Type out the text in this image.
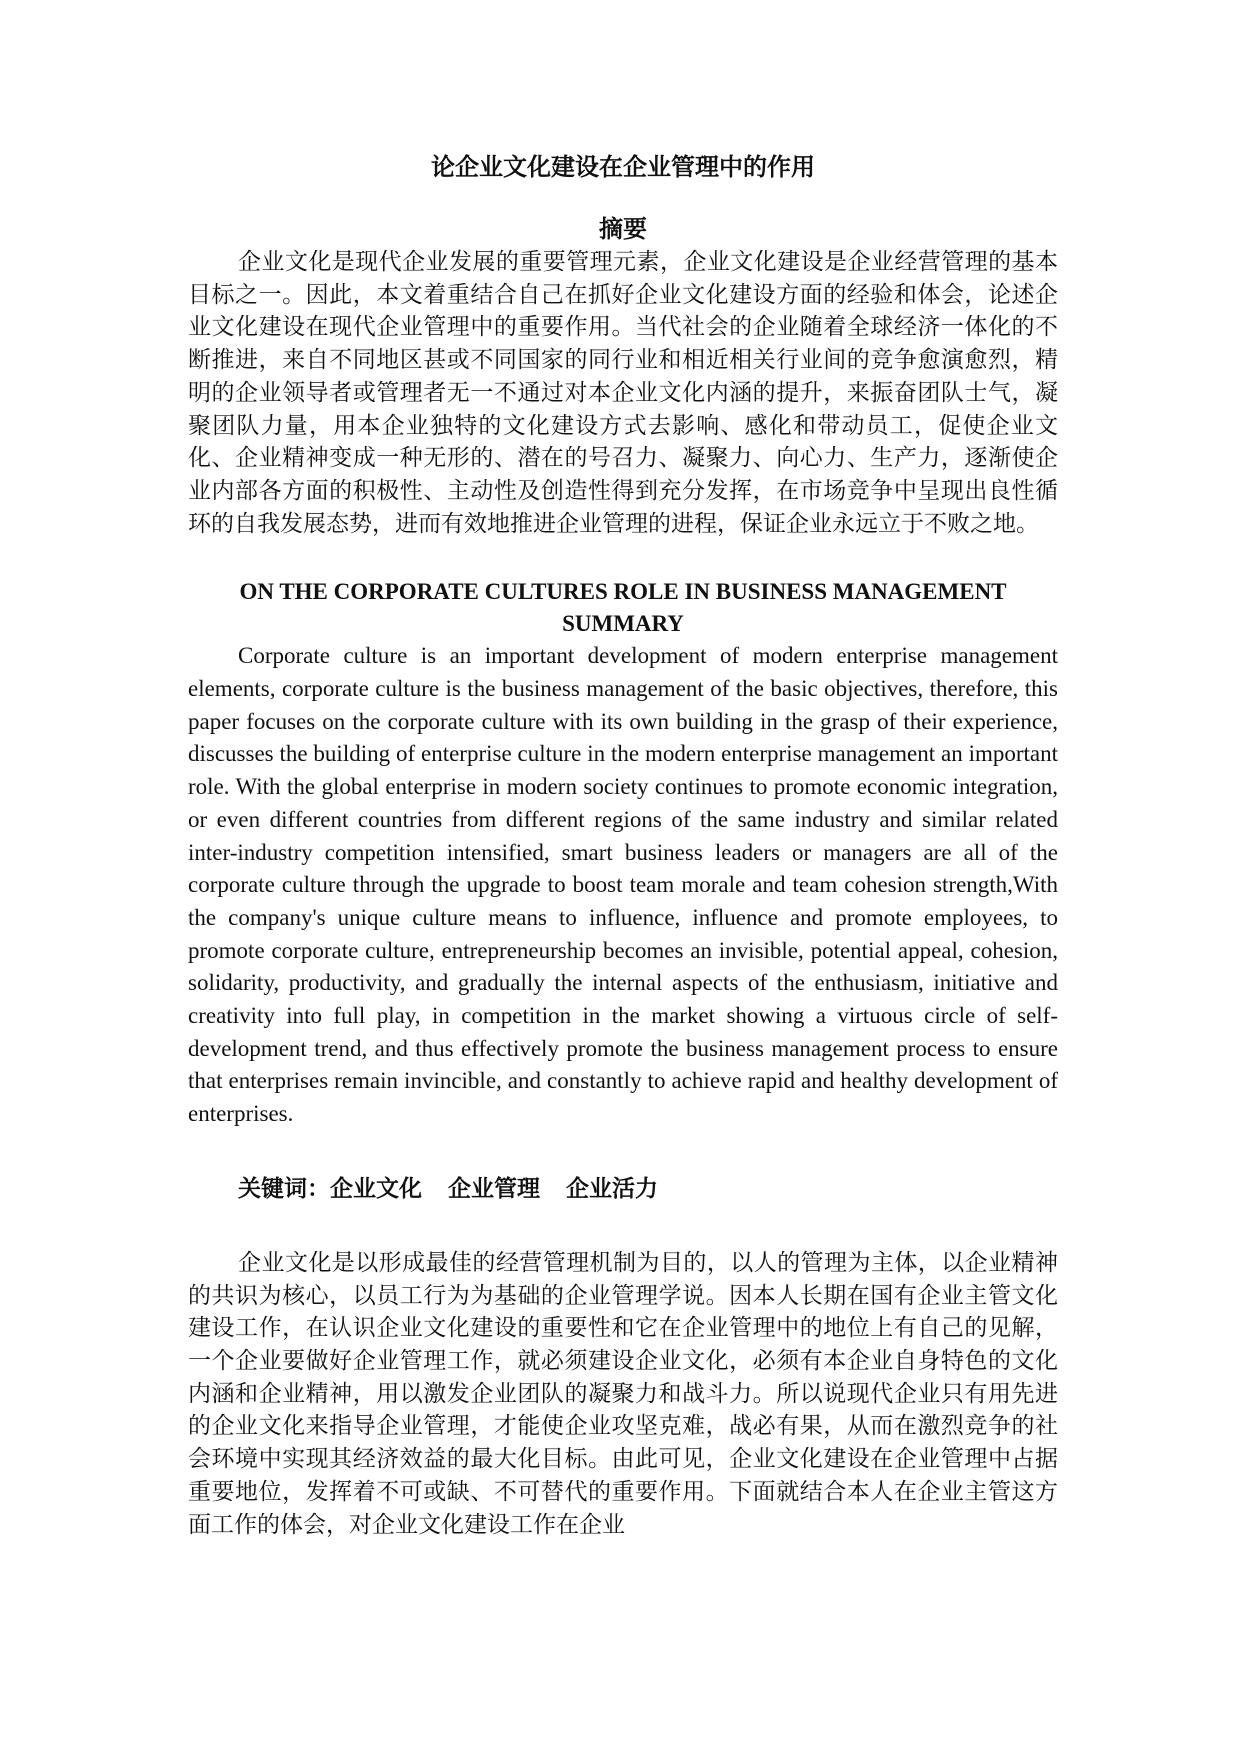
论企业文化建设在企业管理中的作用
摘要

企业文化是现代企业发展的重要管理元素，企业文化建设是企业经营管理的基本目标之一。因此，本文着重结合自己在抓好企业文化建设方面的经验和体会，论述企业文化建设在现代企业管理中的重要作用。当代社会的企业随着全球经济一体化的不断推进，来自不同地区甚或不同国家的同行业和相近相关行业间的竞争愈演愈烈，精明的企业领导者或管理者无一不通过对本企业文化内涵的提升，来振奋团队士气，凝聚团队力量，用本企业独特的文化建设方式去影响、感化和带动员工，促使企业文化、企业精神变成一种无形的、潜在的号召力、凝聚力、向心力、生产力，逐渐使企业内部各方面的积极性、主动性及创造性得到充分发挥，在市场竞争中呈现出良性循环的自我发展态势，进而有效地推进企业管理的进程，保证企业永远立于不败之地。

ON THE CORPORATE CULTURES ROLE IN BUSINESS MANAGEMENT
SUMMARY

Corporate culture is an important development of modern enterprise management elements, corporate culture is the business management of the basic objectives, therefore, this paper focuses on the corporate culture with its own building in the grasp of their experience, discusses the building of enterprise culture in the modern enterprise management an important role. With the global enterprise in modern society continues to promote economic integration, or even different countries from different regions of the same industry and similar related inter-industry competition intensified, smart business leaders or managers are all of the corporate culture through the upgrade to boost team morale and team cohesion strength,With the company's unique culture means to influence, influence and promote employees, to promote corporate culture, entrepreneurship becomes an invisible, potential appeal, cohesion, solidarity, productivity, and gradually the internal aspects of the enthusiasm, initiative and creativity into full play, in competition in the market showing a virtuous circle of self-development trend, and thus effectively promote the business management process to ensure that enterprises remain invincible, and constantly to achieve rapid and healthy development of enterprises.

关键词：企业文化 企业管理 企业活力

企业文化是以形成最佳的经营管理机制为目的，以人的管理为主体，以企业精神的共识为核心，以员工行为为基础的企业管理学说。因本人长期在国有企业主管文化建设工作，在认识企业文化建设的重要性和它在企业管理中的地位上有自己的见解，一个企业要做好企业管理工作，就必须建设企业文化，必须有本企业自身特色的文化内涵和企业精神，用以激发企业团队的凝聚力和战斗力。所以说现代企业只有用先进的企业文化来指导企业管理，才能使企业攻坚克难，战必有果，从而在激烈竞争的社会环境中实现其经济效益的最大化目标。由此可见，企业文化建设在企业管理中占据重要地位，发挥着不可或缺、不可替代的重要作用。下面就结合本人在企业主管这方面工作的体会，对企业文化建设工作在企业
